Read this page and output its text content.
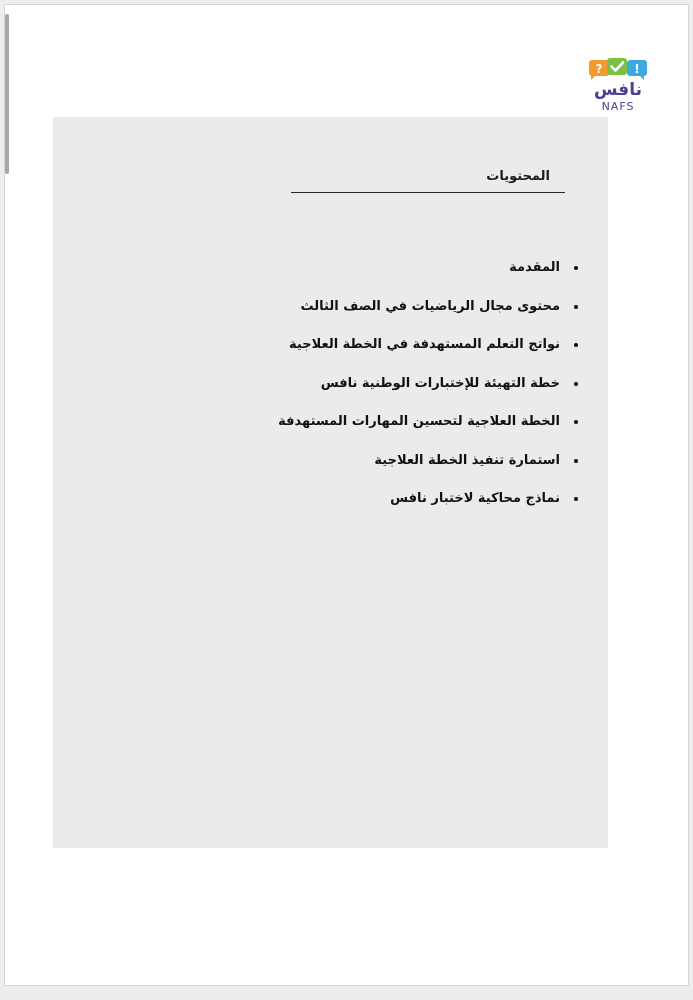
?	!
نافس
NAFS
المحتويات
المقدمة
محتوى مجال الرياضيات في الصف الثالث
نواتج التعلم المستهدفة في الخطة العلاجية
خطة التهيئة للإختبارات الوطنية نافس
الخطة العلاجية لتحسين المهارات المستهدفة
استمارة تنفيذ الخطة العلاجية
نماذج محاكية لاختبار نافس
